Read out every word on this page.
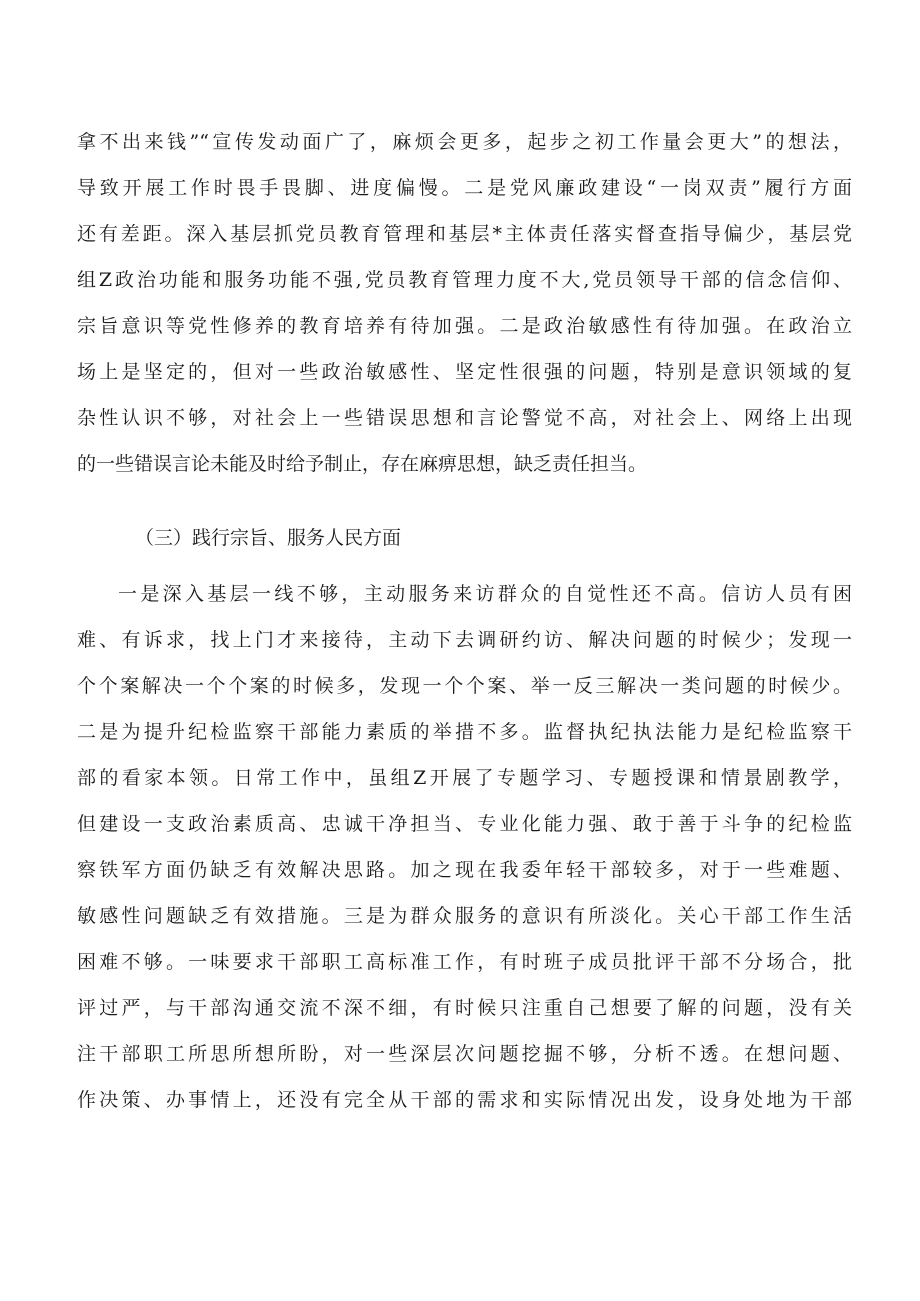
拿不出来钱”“宣传发动面广了，麻烦会更多，起步之初工作量会更大”的想法，
导致开展工作时畏手畏脚、进度偏慢。二是党风廉政建设“一岗双责”履行方面
还有差距。深入基层抓党员教育管理和基层*主体责任落实督查指导偏少，基层党
组Z政治功能和服务功能不强,党员教育管理力度不大,党员领导干部的信念信仰、
宗旨意识等党性修养的教育培养有待加强。二是政治敏感性有待加强。在政治立
场上是坚定的，但对一些政治敏感性、坚定性很强的问题，特别是意识领域的复
杂性认识不够，对社会上一些错误思想和言论警觉不高，对社会上、网络上出现
的一些错误言论未能及时给予制止，存在麻痹思想，缺乏责任担当。
（三）践行宗旨、服务人民方面
一是深入基层一线不够，主动服务来访群众的自觉性还不高。信访人员有困
难、有诉求，找上门才来接待，主动下去调研约访、解决问题的时候少；发现一
个个案解决一个个案的时候多，发现一个个案、举一反三解决一类问题的时候少。
二是为提升纪检监察干部能力素质的举措不多。监督执纪执法能力是纪检监察干
部的看家本领。日常工作中，虽组Z开展了专题学习、专题授课和情景剧教学，
但建设一支政治素质高、忠诚干净担当、专业化能力强、敢于善于斗争的纪检监
察铁军方面仍缺乏有效解决思路。加之现在我委年轻干部较多，对于一些难题、
敏感性问题缺乏有效措施。三是为群众服务的意识有所淡化。关心干部工作生活
困难不够。一味要求干部职工高标准工作，有时班子成员批评干部不分场合，批
评过严，与干部沟通交流不深不细，有时候只注重自己想要了解的问题，没有关
注干部职工所思所想所盼，对一些深层次问题挖掘不够，分析不透。在想问题、
作决策、办事情上，还没有完全从干部的需求和实际情况出发，设身处地为干部
